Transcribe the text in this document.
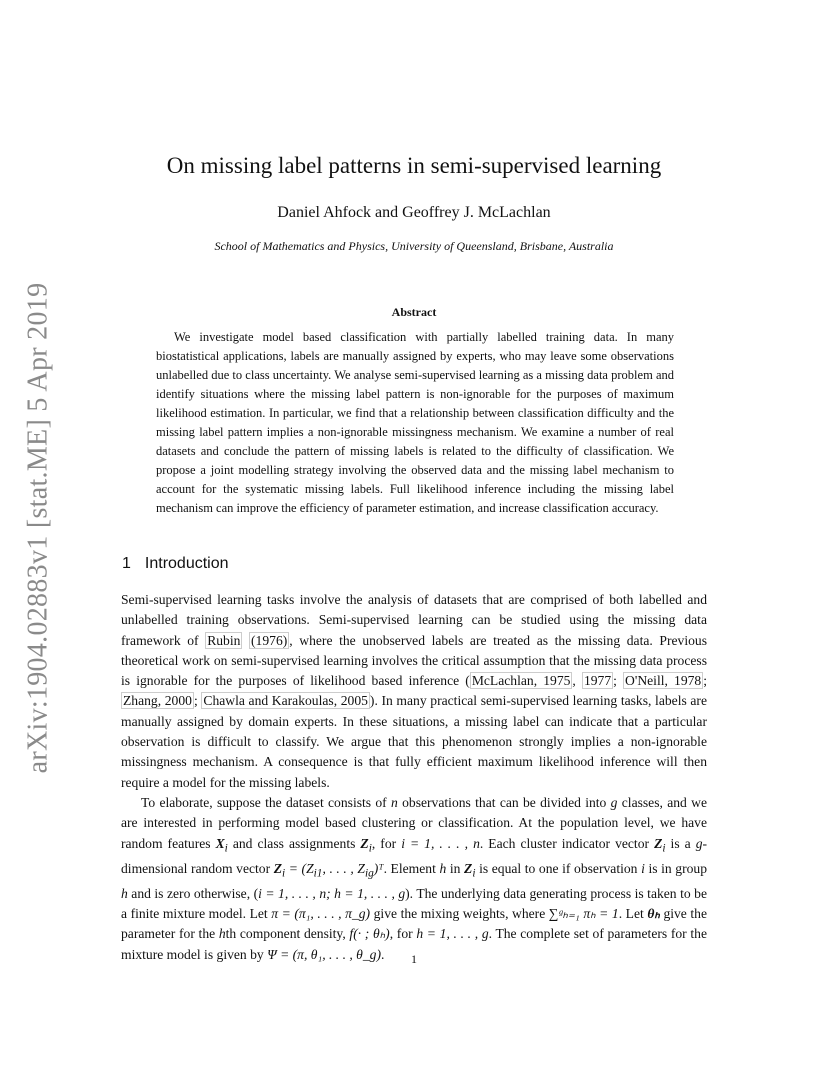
arXiv:1904.02883v1 [stat.ME] 5 Apr 2019
On missing label patterns in semi-supervised learning
Daniel Ahfock and Geoffrey J. McLachlan
School of Mathematics and Physics, University of Queensland, Brisbane, Australia
Abstract
We investigate model based classification with partially labelled training data. In many biostatistical applications, labels are manually assigned by experts, who may leave some observations unlabelled due to class uncertainty. We analyse semi-supervised learning as a missing data problem and identify situations where the missing label pattern is non-ignorable for the purposes of maximum likelihood estimation. In particular, we find that a relationship between classification difficulty and the missing label pattern implies a non-ignorable missingness mechanism. We examine a number of real datasets and conclude the pattern of missing labels is related to the difficulty of classification. We propose a joint modelling strategy involving the observed data and the missing label mechanism to account for the systematic missing labels. Full likelihood inference including the missing label mechanism can improve the efficiency of parameter estimation, and increase classification accuracy.
1 Introduction
Semi-supervised learning tasks involve the analysis of datasets that are comprised of both labelled and unlabelled training observations. Semi-supervised learning can be studied using the missing data framework of Rubin (1976) , where the unobserved labels are treated as the missing data. Previous theoretical work on semi-supervised learning involves the critical assumption that the missing data process is ignorable for the purposes of likelihood based inference ( McLachlan, 1975 , 1977 ; O'Neill, 1978 ; Zhang, 2000 ; Chawla and Karakoulas, 2005 ). In many practical semi-supervised learning tasks, labels are manually assigned by domain experts. In these situations, a missing label can indicate that a particular observation is difficult to classify. We argue that this phenomenon strongly implies a non-ignorable missingness mechanism. A consequence is that fully efficient maximum likelihood inference will then require a model for the missing labels.
To elaborate, suppose the dataset consists of n observations that can be divided into g classes, and we are interested in performing model based clustering or classification. At the population level, we have random features $X_i$ and class assignments $Z_i$, for i = 1, . . . , n. Each cluster indicator vector $Z_i$ is a g-dimensional random vector $Z_i = (Z_{i1}$, . . . , $Z_{ig})ᵀ$. Element h in $Z_i$ is equal to one if observation i is in group h and is zero otherwise, (i = 1, . . . , n; h = 1, . . . , g). The underlying data generating process is taken to be a finite mixture model. Let π = (π₁, . . . , π_g) give the mixing weights, where ∑ᵍₕ₌₁ πₕ = 1. Let θₕ give the parameter for the hth component density, f(· ; θₕ), for h = 1, . . . , g. The complete set of parameters for the mixture model is given by Ψ = (π, θ₁, . . . , θ_g).	1
